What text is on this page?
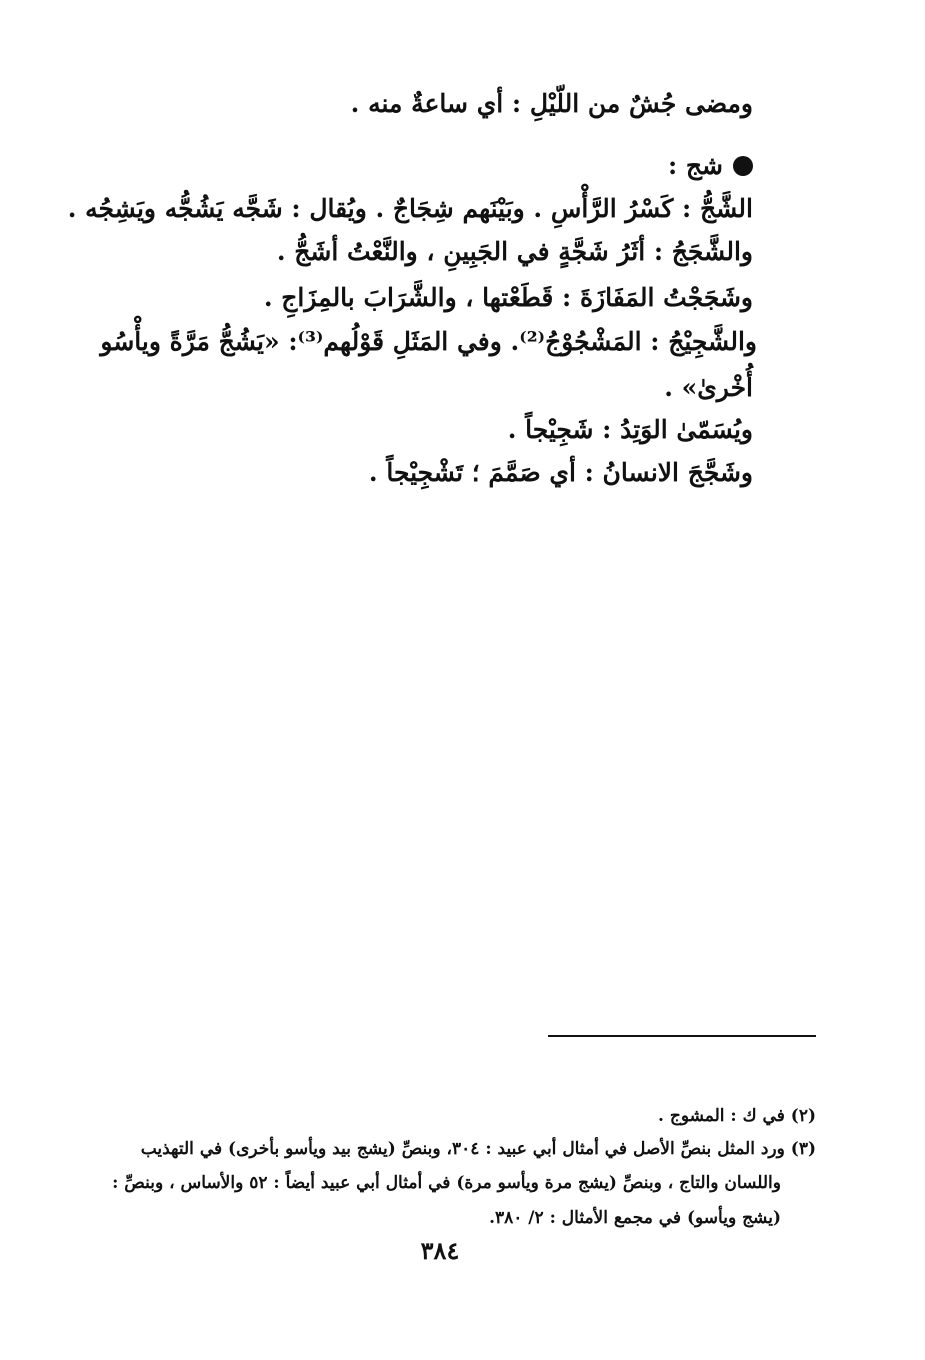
ومضى جُشٌ من اللّيْلِ : أي ساعةٌ منه .
شج :
الشَّجُّ : كَسْرُ الرَّأْسِ . وبَيْنَهم شِجَاجٌ . ويُقال : شَجَّه يَشُجُّه ويَشِجُه .
والشَّجَجُ : أثَرُ شَجَّةٍ في الجَبِينِ ، والنَّعْتُ أشَجُّ .
وشَجَجْتُ المَفَازَةَ : قَطَعْتها ، والشَّرَابَ بالمِزَاجِ .
والشَّجِيْجُ : المَشْجُوْجُ⁽²⁾. وفي المَثَلِ قَوْلُهم⁽³⁾: «يَشُجُّ مَرَّةً ويأْسُو
أُخْرىٰ» .
ويُسَمّىٰ الوَتِدُ : شَجِيْجاً .
وشَجَّجَ الانسانُ : أي صَمَّمَ ؛ تَشْجِيْجاً .
(٢) في ك : المشوج .
(٣) ورد المثل بنصِّ الأصل في أمثال أبي عبيد : ٣٠٤، وبنصِّ (يشج بيد ويأسو بأخرى) في التهذيب
واللسان والتاج ، وبنصِّ (يشج مرة ويأسو مرة) في أمثال أبي عبيد أيضاً : ٥٢ والأساس ، وبنصِّ :
(يشج ويأسو) في مجمع الأمثال : ٢/ ٣٨٠.
٣٨٤
